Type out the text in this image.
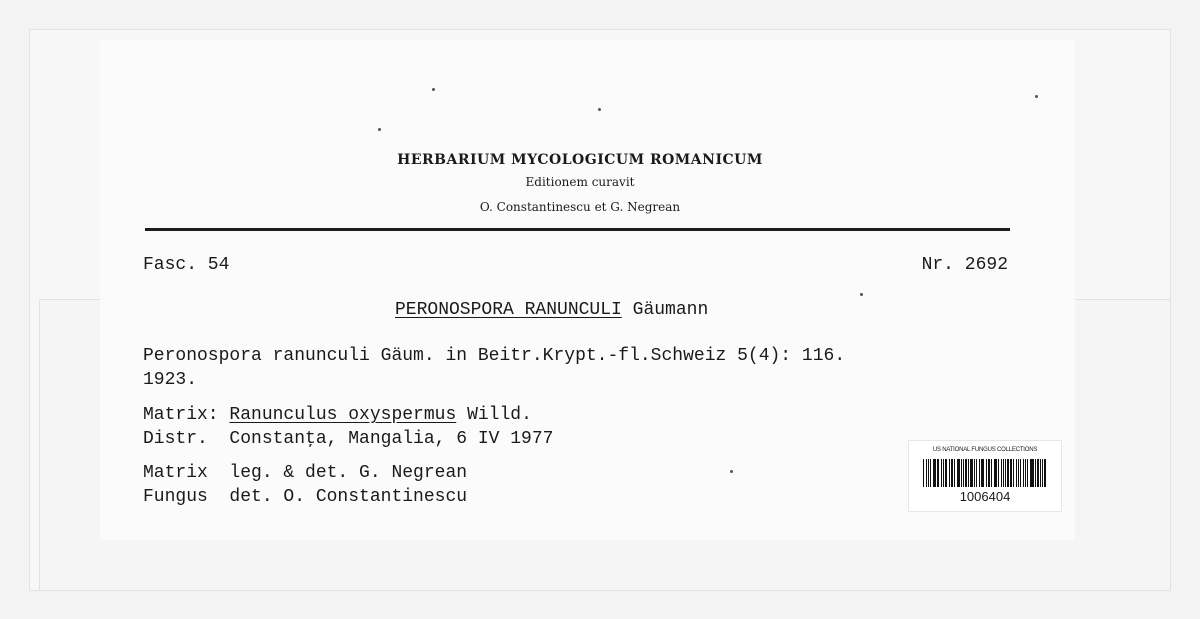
HERBARIUM MYCOLOGICUM ROMANICUM
Editionem curavit
O. Constantinescu et G. Negrean
Fasc. 54	Nr. 2692
PERONOSPORA RANUNCULI Gäumann
Peronospora ranunculi Gäum. in Beitr.Krypt.-fl.Schweiz 5(4): 116.
1923.
Matrix: Ranunculus oxyspermus Willd.
Distr.  Constanţa, Mangalia, 6 IV 1977
Matrix  leg. & det. G. Negrean
Fungus  det. O. Constantinescu
US NATIONAL FUNGUS COLLECTIONS
1006404
